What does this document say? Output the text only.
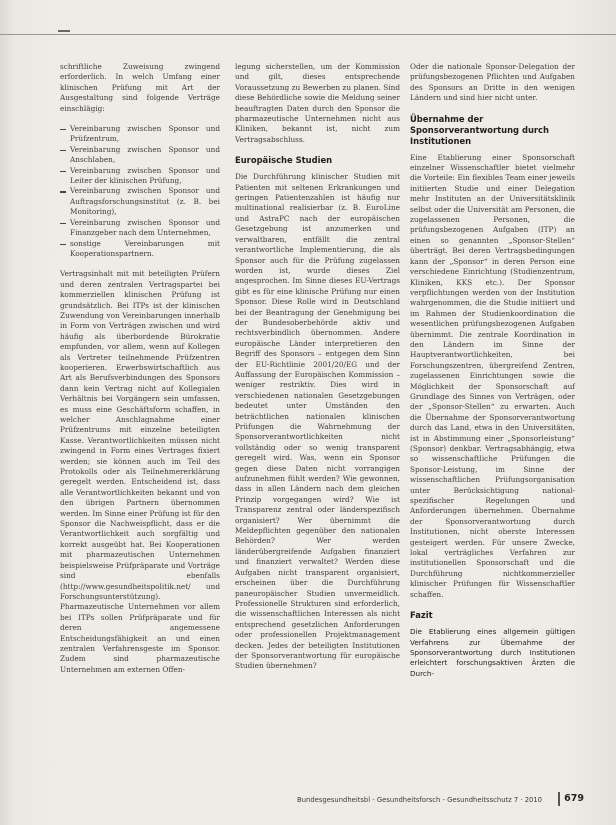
schriftliche Zuweisung zwingend erforderlich. In welch Umfang einer klinischen Prüfung mit Art der Ausgestaltung sind folgende Verträge einschlägig:

Vereinbarung zwischen Sponsor und Prüfzentrum,
Vereinbarung zwischen Sponsor und Anschlaben,
Vereinbarung zwischen Sponsor und Leiter der klinischen Prüfung,
Vereinbarung zwischen Sponsor und Auftragsforschungsinstitut (z. B. bei Monitoring),
Vereinbarung zwischen Sponsor und Finanzgeber nach dem Unternehmen,
sonstige Vereinbarungen mit Kooperationspartnern.

Vertragsinhalt mit mit beteiligten Prüfern und deren zentralen Vertragspartei bei kommerziellen klinischen Prüfung ist grundsätzlich. Bei ITPs ist der klinischen Zuwendung von Vereinbarungen innerhalb in Form von Verträgen zwischen und wird häufig als überbordende Bürokratie empfunden, vor allem, wenn auf Kollegen als Vertreter teilnehmende Prüfzentren kooperieren. Erwerbswirtschaftlich aus Art als Berufsverbindungen des Sponsors dann kein Vertrag nicht auf Kollegialen Verhältnis bei Vorgängern sein umfassen, es muss eine Geschäftsform schaffen, in welcher Anschlagnahme einer Prüfzentrums mit einzelne beteiligten Kasse. Verantwortlichkeiten müssen nicht zwingend in Form eines Vertrages fixiert werden; sie können auch im Teil des Protokolls oder als Teilnehmererklärung geregelt werden. Entscheidend ist, dass alle Verantwortlichkeiten bekannt und von den übrigen Partnern übernommen werden. Im Sinne einer Prüfung ist für den Sponsor die Nachweispflicht, dass er die Verantwortlichkeit auch sorgfältig und korrekt ausgeübt hat. Bei Kooperationen mit pharmazeutischen Unternehmen beispielsweise Prüfpräparate und Vorträge sind ebenfalls (http://www.gesundheitspolitik.net/ und Forschungsunterstützung). Pharmazeutische Unternehmen vor allem bei ITPs sollen Prüfpräparate und für deren angemessene Entscheidungsfähigkeit an und einen zentralen Verfahrensgeste im Sponsor. Zudem sind pharmazeutische Unternehmen am externen Offen-

legung sicherstellen, um der Kommission und gilt, dieses entsprechende Voraussetzung zu Bewerben zu planen. Sind diese Behördliche sowie die Meldung seiner beauftragten Daten durch den Sponsor die pharmazeutische Unternehmen nicht aus Kliniken, bekannt ist, nicht zum Vertragsabschluss.

Europäische Studien

Die Durchführung klinischer Studien mit Patienten mit seltenen Erkrankungen und geringen Patientenzahlen ist häufig nur multinational realisierbar (z. B. EuroLine und AstraPC nach der europäischen Gesetzgebung ist anzumerken und verwaltbaren, entfällt die zentral verantwortliche Implementierung, die als Sponsor auch für die Prüfung zugelassen worden ist, wurde dieses Ziel angesprochen. Im Sinne dieses EU-Vertrags gibt es für eine klinische Prüfung nur einen Sponsor. Diese Rolle wird in Deutschland bei der Beantragung der Genehmigung bei der Bundesoberbehörde aktiv und rechtsverbindlich übernommen. Andere europäische Länder interpretieren den Begriff des Sponsors – entgegen dem Sinn der EU-Richtlinie 2001/20/EG und der Auffassung der Europäischen Kommission – weniger restriktiv. Dies wird in verschiedenen nationalen Gesetzgebungen bedeutet unter Umständen den beträchtlichen nationalen klinischen Prüfungen die Wahrnehmung der Sponsorverantwortlichkeiten nicht vollständig oder so wenig transparent geregelt wird. Was, wenn ein Sponsor gegen diese Daten nicht vorrangigen aufzunehmen fühlt werden? Wie gewonnen, dass in allen Ländern nach dem gleichen Prinzip vorgegangen wird? Wie ist Transparenz zentral oder länderspezifisch organisiert? Wer übernimmt die Meldepflichten gegenüber den nationalen Behörden? Wer werden länderübergreifende Aufgaben finanziert und finanziert verwaltet? Werden diese Aufgaben nicht transparent organisiert, erscheinen über die Durchführung paneuropäischer Studien unvermeidlich. Professionelle Strukturen sind erforderlich, die wissenschaftlichen Interessen als nicht entsprechend gesetzlichen Anforderungen oder professionellen Projektmanagement decken. Jedes der beteiligten Institutionen der Sponsorverantwortung für europäische Studien übernehmen?

Oder die nationale Sponsor-Delegation der prüfungsbezogenen Pflichten und Aufgaben des Sponsors an Dritte in den wenigen Ländern und sind hier nicht unter.

Übernahme der Sponsorverantwortung durch Institutionen

Eine Etablierung einer Sponsorschaft einzelner Wissenschaftler bietet vielmehr die Vorteile: Ein flexibles Team einer jeweils initiierten Studie und einer Delegation mehr Instituten an der Universitätsklinik selbst oder die Universität am Personen, die zugelassenen Personen, die prüfungsbezogenen Aufgaben (ITP) an einen so genannten „Sponsor-Stellen“ überträgt. Bei deren Vertragsbedingungen kann der „Sponsor“ in deren Person eine verschiedene Einrichtung (Studienzentrum, Kliniken, KKS etc.). Der Sponsor verpflichtungen werden von der Institution wahrgenommen, die die Studie initiiert und im Rahmen der Studienkoordination die wesentlichen prüfungsbezogenen Aufgaben übernimmt. Die zentrale Koordination in den Ländern im Sinne der Hauptverantwortlichkeiten, bei Forschungszentren, übergreifend Zentren, zugelassenen Einrichtungen sowie die Möglichkeit der Sponsorschaft auf Grundlage des Sinnes von Verträgen, oder der „Sponsor-Stellen“ zu erwarten. Auch die Übernahme der Sponsorverantwortung durch das Land, etwa in den Universitäten, ist in Abstimmung einer „Sponsorleistung“ (Sponsor) denkbar. Vertragsabhängig, etwa so wissenschaftliche Prüfungen die Sponsor-Leistung, im Sinne der wissenschaftlichen Prüfungsorganisation unter Berücksichtigung national-spezifischer Regelungen und Anforderungen übernehmen. Übernahme der Sponsorverantwortung durch Institutionen, nicht oberste Interessen gesteigert werden. Für unsere Zwecke, lokal verträgliches Verfahren zur institutionellen Sponsorschaft und die Durchführung nichtkommerzieller klinischer Prüfungen für Wissenschaftler schaffen.

Fazit

Die Etablierung eines allgemein gültigen Verfahrens zur Übernahme der Sponsorverantwortung durch Institutionen erleichtert forschungsaktiven Ärzten die Durch-

Bundesgesundheitsbl - Gesundheitsforsch - Gesundheitsschutz 7 · 2010	679
